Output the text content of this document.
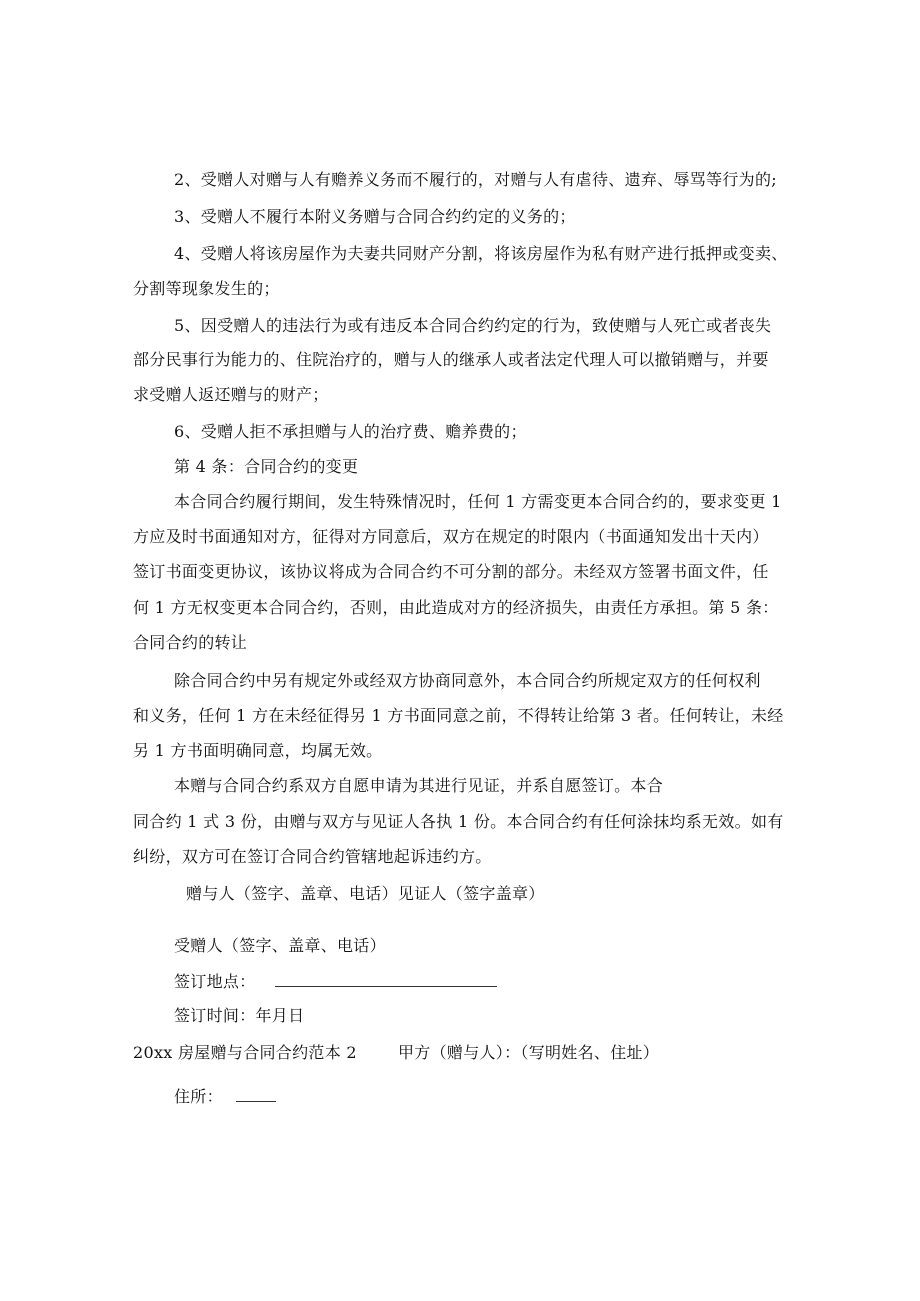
2、受赠人对赠与人有赡养义务而不履行的，对赠与人有虐待、遗弃、辱骂等行为的;
3、受赠人不履行本附义务赠与合同合约约定的义务的；
4、受赠人将该房屋作为夫妻共同财产分割，将该房屋作为私有财产进行抵押或变卖、
分割等现象发生的；
5、因受赠人的违法行为或有违反本合同合约约定的行为，致使赠与人死亡或者丧失
部分民事行为能力的、住院治疗的，赠与人的继承人或者法定代理人可以撤销赠与，并要
求受赠人返还赠与的财产；
6、受赠人拒不承担赠与人的治疗费、赡养费的；
第 4 条：合同合约的变更
本合同合约履行期间，发生特殊情况时，任何 1 方需变更本合同合约的，要求变更 1
方应及时书面通知对方，征得对方同意后，双方在规定的时限内（书面通知发出十天内）
签订书面变更协议，该协议将成为合同合约不可分割的部分。未经双方签署书面文件，任
何 1 方无权变更本合同合约，否则，由此造成对方的经济损失，由责任方承担。第 5 条：
合同合约的转让
除合同合约中另有规定外或经双方协商同意外，本合同合约所规定双方的任何权利
和义务，任何 1 方在未经征得另 1 方书面同意之前，不得转让给第 3 者。任何转让，未经
另 1 方书面明确同意，均属无效。
本赠与合同合约系双方自愿申请为其进行见证，并系自愿签订。本合
同合约 1 式 3 份，由赠与双方与见证人各执 1 份。本合同合约有任何涂抹均系无效。如有
纠纷，双方可在签订合同合约管辖地起诉违约方。
赠与人（签字、盖章、电话）见证人（签字盖章）
受赠人（签字、盖章、电话）
签订地点：
签订时间：年月日
20xx 房屋赠与合同合约范本 2	甲方（赠与人）：（写明姓名、住址）
住所：
